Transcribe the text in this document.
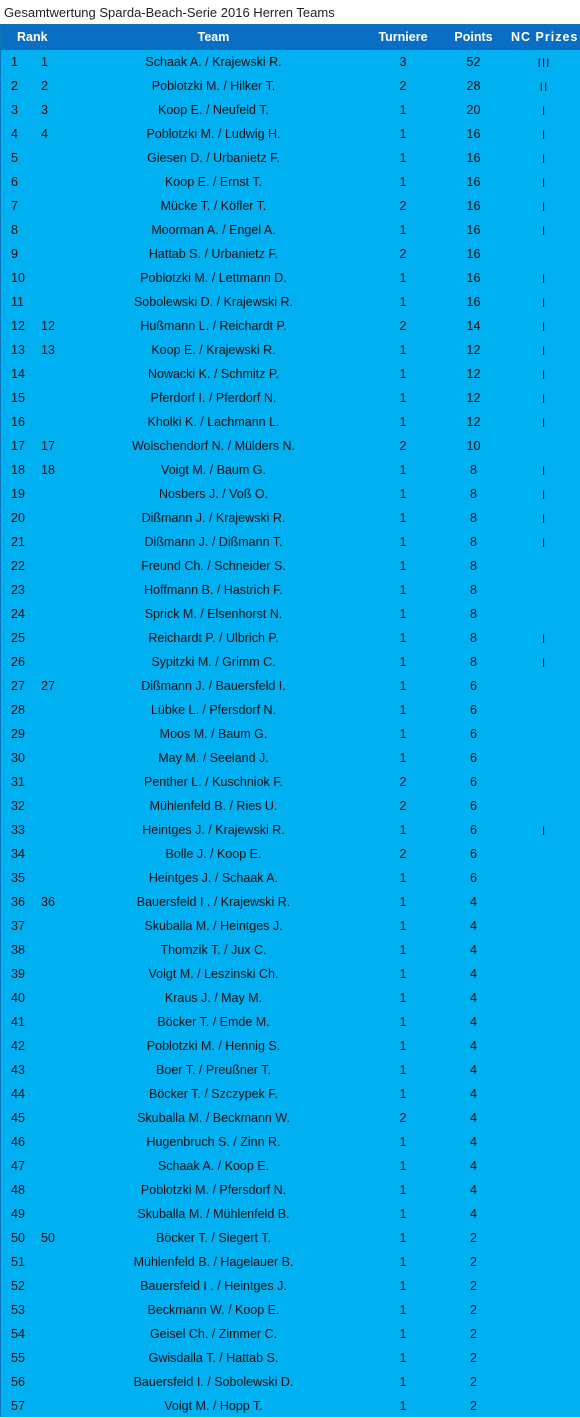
Gesamtwertung Sparda-Beach-Serie 2016 Herren Teams
Rank	Team	Turniere	Points	NC Prizes
1	1	Schaak A. / Krajewski R.	3	52	III
2	2	Poblotzki M. / Hilker T.	2	28	II
3	3	Koop E. / Neufeld T.	1	20	I
4	4	Poblotzki M. / Ludwig H.	1	16	I
5	Giesen D. / Urbanietz F.	1	16	I
6	Koop E. / Ernst T.	1	16	I
7	Mücke T. / Köfler T.	2	16	I
8	Moorman A. / Engel A.	1	16	I
9	Hattab S. / Urbanietz F.	2	16
10	Poblotzki M. / Lettmann D.	1	16	I
11	Sobolewski D. / Krajewski R.	1	16	I
12	12	Hußmann L. / Reichardt P.	2	14	I
13	13	Koop E. / Krajewski R.	1	12	I
14	Nowacki K. / Schmitz P.	1	12	I
15	Pferdorf I. / Pferdorf N.	1	12	I
16	Kholki K. / Lachmann L.	1	12	I
17	17	Wolschendorf N. / Mülders N.	2	10
18	18	Voigt M. / Baum G.	1	8	I
19	Nosbers J. / Voß O.	1	8	I
20	Dißmann J. / Krajewski R.	1	8	I
21	Dißmann J. / Dißmann T.	1	8	I
22	Freund Ch. / Schneider S.	1	8
23	Hoffmann B. / Hastrich F.	1	8
24	Sprick M. / Elsenhorst N.	1	8
25	Reichardt P. / Ulbrich P.	1	8	I
26	Sypitzki M. / Grimm C.	1	8	I
27	27	Dißmann J. / Bauersfeld I.	1	6
28	Lübke L. / Pfersdorf N.	1	6
29	Moos M. / Baum G.	1	6
30	May M. / Seeland J.	1	6
31	Penther L. / Kuschniok F.	2	6
32	Mühlenfeld B. / Ries U.	2	6
33	Heintges J. / Krajewski R.	1	6	I
34	Bolle J. / Koop E.	2	6
35	Heintges J. / Schaak A.	1	6
36	36	Bauersfeld I . / Krajewski R.	1	4
37	Skuballa M. / Heintges J.	1	4
38	Thomzik T. / Jux C.	1	4
39	Voigt M. / Leszinski Ch.	1	4
40	Kraus J. / May M.	1	4
41	Böcker T. / Emde M.	1	4
42	Poblotzki M. / Hennig S.	1	4
43	Boer T. / Preußner T.	1	4
44	Böcker T. / Szczypek F.	1	4
45	Skuballa M. / Beckmann W.	2	4
46	Hugenbruch S. / Zinn R.	1	4
47	Schaak A. / Koop E.	1	4
48	Poblotzki M. / Pfersdorf N.	1	4
49	Skuballa M. / Mühlenfeld B.	1	4
50	50	Böcker T. / Siegert T.	1	2
51	Mühlenfeld B. / Hagelauer B.	1	2
52	Bauersfeld I . / Heintges J.	1	2
53	Beckmann W. / Koop E.	1	2
54	Geisel Ch. / Zimmer C.	1	2
55	Gwisdalla T. / Hattab S.	1	2
56	Bauersfeld I. / Sobolewski D.	1	2
57	Voigt M. / Hopp T.	1	2
